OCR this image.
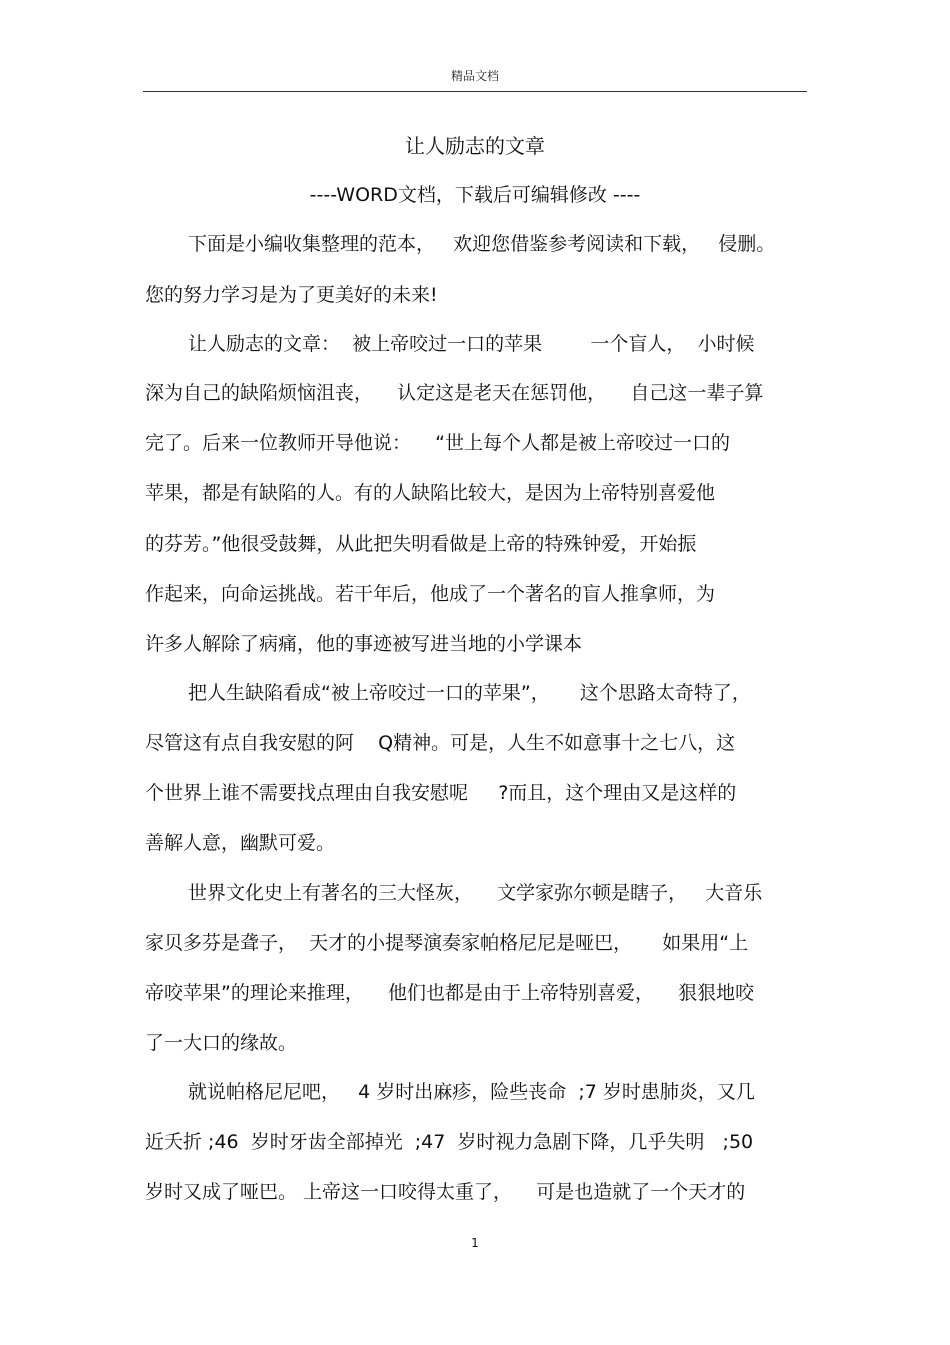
精品文档
让人励志的文章
----WORD文档，下载后可编辑修改 ----
下面是小编收集整理的范本，   欢迎您借鉴参考阅读和下载，   侵删。
您的努力学习是为了更美好的未来!
让人励志的文章：  被上帝咬过一口的苹果        一个盲人，  小时候
深为自己的缺陷烦恼沮丧，    认定这是老天在惩罚他，    自己这一辈子算
完了。后来一位教师开导他说：    “世上每个人都是被上帝咬过一口的
苹果，都是有缺陷的人。有的人缺陷比较大，是因为上帝特别喜爱他
的芬芳。”他很受鼓舞，从此把失明看做是上帝的特殊钟爱，开始振
作起来，向命运挑战。若干年后，他成了一个著名的盲人推拿师，为
许多人解除了病痛，他的事迹被写进当地的小学课本
把人生缺陷看成“被上帝咬过一口的苹果”，     这个思路太奇特了，
尽管这有点自我安慰的阿    Q精神。可是，人生不如意事十之七八，这
个世界上谁不需要找点理由自我安慰呢     ?而且，这个理由又是这样的
善解人意，幽默可爱。
世界文化史上有著名的三大怪灰，    文学家弥尔顿是瞎子，   大音乐
家贝多芬是聋子，  天才的小提琴演奏家帕格尼尼是哑巴，     如果用“上
帝咬苹果”的理论来推理，    他们也都是由于上帝特别喜爱，    狠狠地咬
了一大口的缘故。
就说帕格尼尼吧，   4 岁时出麻疹，险些丧命  ;7 岁时患肺炎，又几
近夭折 ;46  岁时牙齿全部掉光  ;47  岁时视力急剧下降，几乎失明   ;50
岁时又成了哑巴。 上帝这一口咬得太重了，    可是也造就了一个天才的
1
